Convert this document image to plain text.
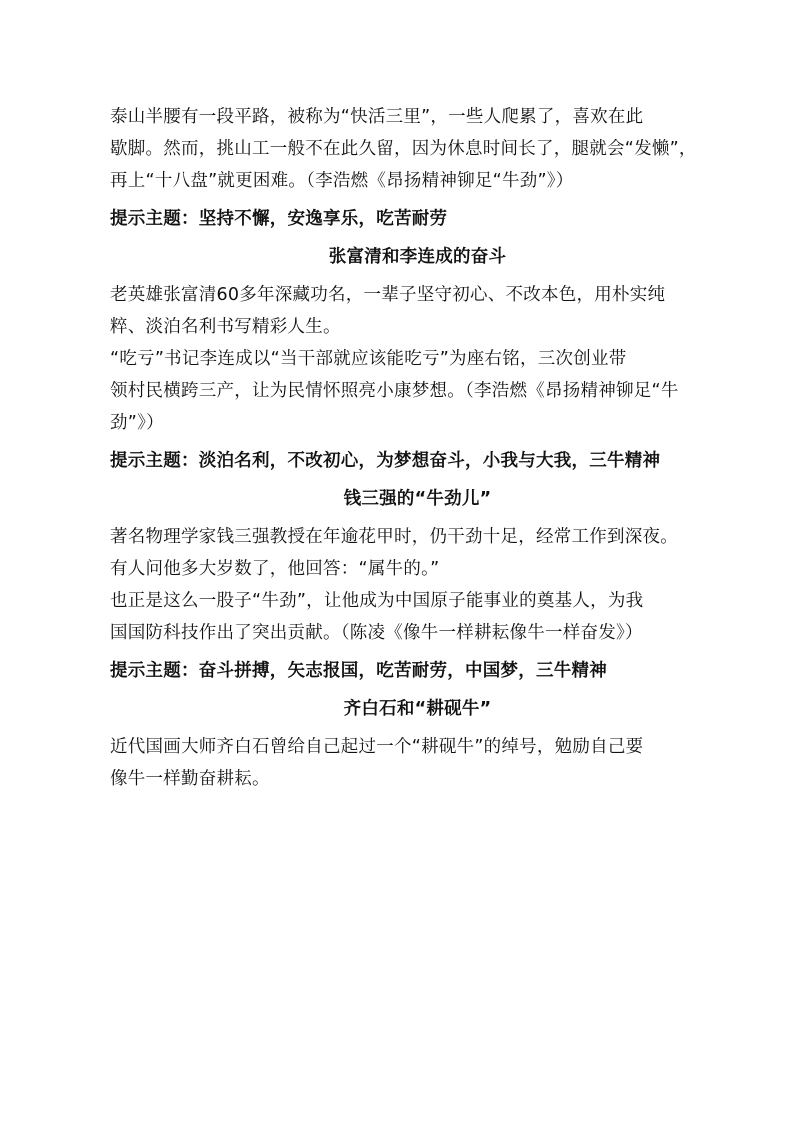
泰山半腰有一段平路，被称为“快活三里”，一些人爬累了，喜欢在此
歇脚。然而，挑山工一般不在此久留，因为休息时间长了，腿就会“发懒”，
再上“十八盘”就更困难。（李浩燃《昂扬精神铆足“牛劲”》）

提示主题：坚持不懈，安逸享乐，吃苦耐劳

张富清和李连成的奋斗

老英雄张富清60多年深藏功名，一辈子坚守初心、不改本色，用朴实纯
粹、淡泊名利书写精彩人生。

“吃亏”书记李连成以“当干部就应该能吃亏”为座右铭，三次创业带
领村民横跨三产，让为民情怀照亮小康梦想。（李浩燃《昂扬精神铆足“牛
劲”》）

提示主题：淡泊名利，不改初心，为梦想奋斗，小我与大我，三牛精神

钱三强的“牛劲儿”

著名物理学家钱三强教授在年逾花甲时，仍干劲十足，经常工作到深夜。

有人问他多大岁数了，他回答：“属牛的。”

也正是这么一股子“牛劲”，让他成为中国原子能事业的奠基人，为我
国国防科技作出了突出贡献。（陈凌《像牛一样耕耘像牛一样奋发》）

提示主题：奋斗拼搏，矢志报国，吃苦耐劳，中国梦，三牛精神

齐白石和“耕砚牛”

近代国画大师齐白石曾给自己起过一个“耕砚牛”的绰号，勉励自己要
像牛一样勤奋耕耘。
